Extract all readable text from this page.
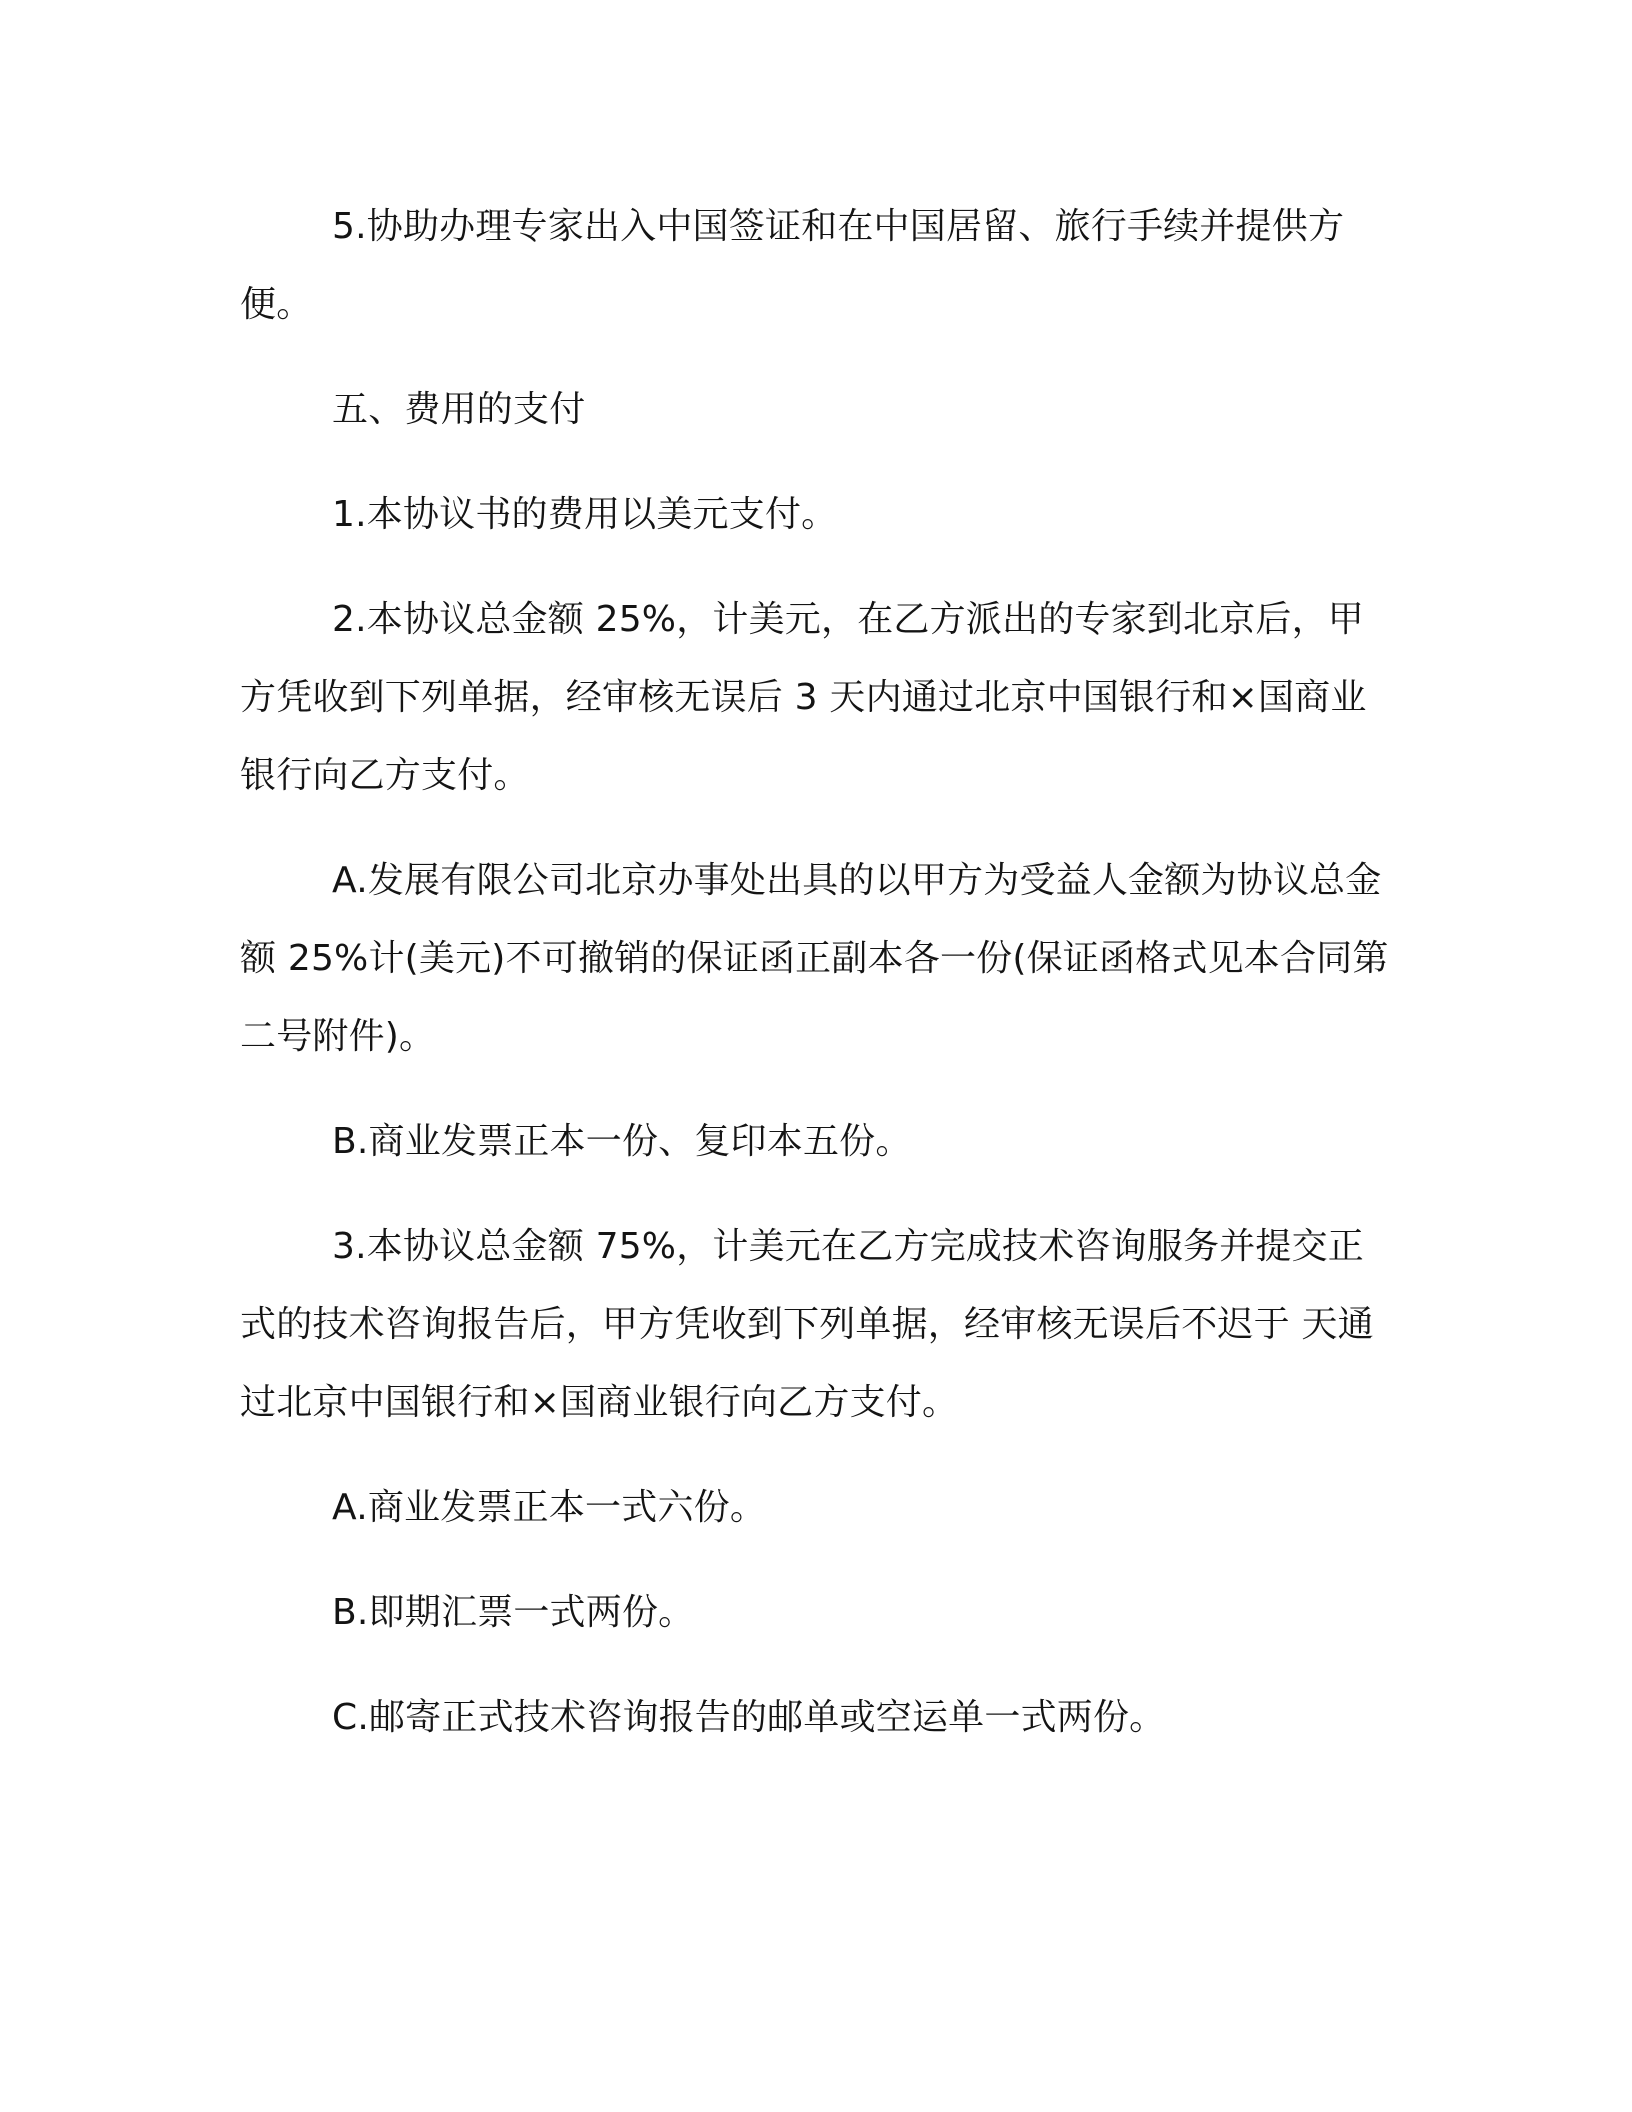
5.协助办理专家出入中国签证和在中国居留、旅行手续并提供方便。

五、费用的支付

1.本协议书的费用以美元支付。

2.本协议总金额 25%，计美元，在乙方派出的专家到北京后，甲方凭收到下列单据，经审核无误后 3 天内通过北京中国银行和×国商业银行向乙方支付。

A.发展有限公司北京办事处出具的以甲方为受益人金额为协议总金额 25%计(美元)不可撤销的保证函正副本各一份(保证函格式见本合同第二号附件)。

B.商业发票正本一份、复印本五份。

3.本协议总金额 75%，计美元在乙方完成技术咨询服务并提交正式的技术咨询报告后，甲方凭收到下列单据，经审核无误后不迟于 天通过北京中国银行和×国商业银行向乙方支付。

A.商业发票正本一式六份。

B.即期汇票一式两份。

C.邮寄正式技术咨询报告的邮单或空运单一式两份。
